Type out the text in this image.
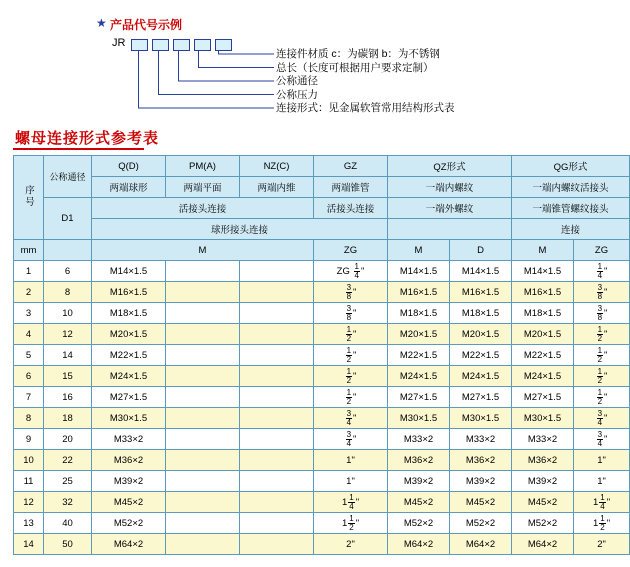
★ 产品代号示例
JR
连接件材质 c：为碳钢 b：为不锈钢
总长（长度可根据用户要求定制）
公称通径
公称压力
连接形式：见金属软管常用结构形式表
螺母连接形式参考表
序号	公称通径	Q(D)	PM(A)	NZ(C)	GZ	QZ形式		QG形式	
		两端球形	两端平面	两端内维	两端锥管	一端内螺纹		一端内螺纹活接头	
	D1	活接头连接			活接头连接	一端外螺纹		一端锥管螺纹接头	
		球形接头连接						连接	
mm		M			ZG	M	D	M	ZG
1	6	M14×1.5			ZG $\frac{1}{4}$ "	M14×1.5	M14×1.5	M14×1.5	$\frac{1}{4}$ "
2	8	M16×1.5			$\frac{3}{8}$ "	M16×1.5	M16×1.5	M16×1.5	$\frac{3}{8}$ "
3	10	M18×1.5			$\frac{3}{8}$ "	M18×1.5	M18×1.5	M18×1.5	$\frac{3}{8}$ "
4	12	M20×1.5			$\frac{1}{2}$ "	M20×1.5	M20×1.5	M20×1.5	$\frac{1}{2}$ "
5	14	M22×1.5			$\frac{1}{2}$ "	M22×1.5	M22×1.5	M22×1.5	$\frac{1}{2}$ "
6	15	M24×1.5			$\frac{1}{2}$ "	M24×1.5	M24×1.5	M24×1.5	$\frac{1}{2}$ "
7	16	M27×1.5			$\frac{1}{2}$ "	M27×1.5	M27×1.5	M27×1.5	$\frac{1}{2}$ "
8	18	M30×1.5			$\frac{3}{4}$ "	M30×1.5	M30×1.5	M30×1.5	$\frac{3}{4}$ "
9	20	M33×2			$\frac{3}{4}$ "	M33×2	M33×2	M33×2	$\frac{3}{4}$ "
10	22	M36×2			1"	M36×2	M36×2	M36×2	1"
11	25	M39×2			1"	M39×2	M39×2	M39×2	1"
12	32	M45×2			$1 \frac{1}{4}$ "	M45×2	M45×2	M45×2	$1 \frac{1}{4}$ "
13	40	M52×2			$1 \frac{1}{2}$ "	M52×2	M52×2	M52×2	$1 \frac{1}{2}$ "
14	50	M64×2			2"	M64×2	M64×2	M64×2	2"
